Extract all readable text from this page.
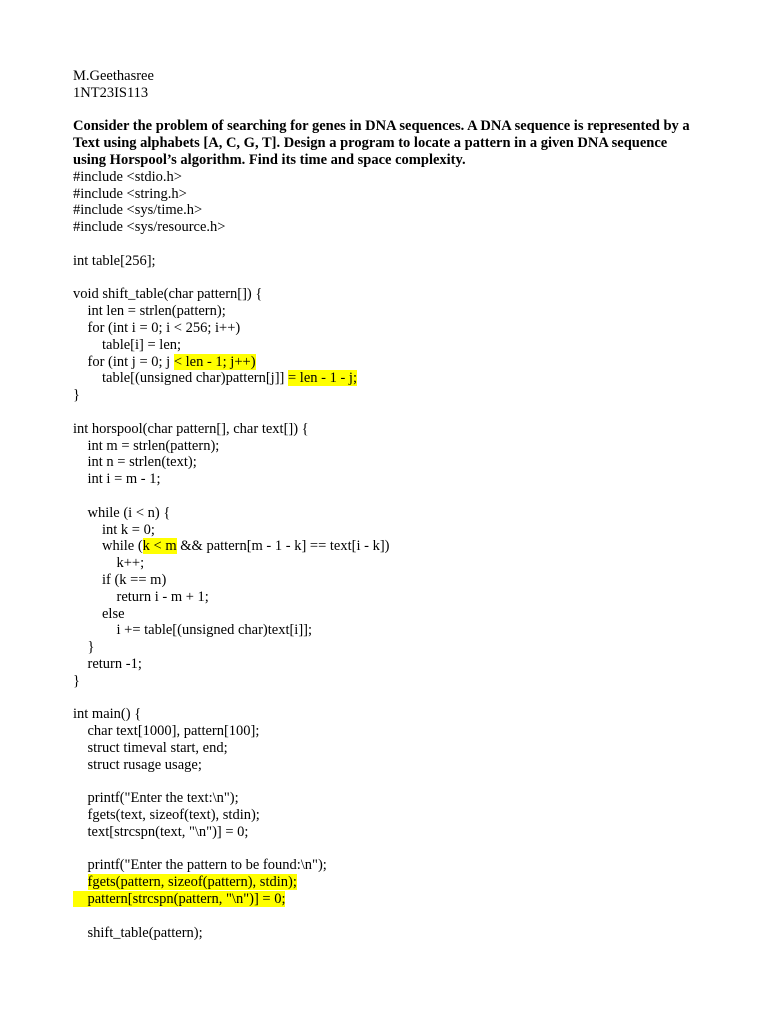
M.Geethasree
1NT23IS113
Consider the problem of searching for genes in DNA sequences. A DNA sequence is represented by a Text using alphabets [A, C, G, T]. Design a program to locate a pattern in a given DNA sequence using Horspool’s algorithm. Find its time and space complexity.
#include <stdio.h>
#include <string.h>
#include <sys/time.h>
#include <sys/resource.h>
int table[256];
void shift_table(char pattern[]) {
int len = strlen(pattern);
for (int i = 0; i < 256; i++)
table[i] = len;
for (int j = 0; j < len - 1; j++)
table[(unsigned char)pattern[j]] = len - 1 - j;
}
int horspool(char pattern[], char text[]) {
int m = strlen(pattern);
int n = strlen(text);
int i = m - 1;
while (i < n) {
int k = 0;
while (k < m && pattern[m - 1 - k] == text[i - k])
k++;
if (k == m)
return i - m + 1;
else
i += table[(unsigned char)text[i]];
}
return -1;
}
int main() {
char text[1000], pattern[100];
struct timeval start, end;
struct rusage usage;
printf("Enter the text:\n");
fgets(text, sizeof(text), stdin);
text[strcspn(text, "\n")] = 0;
printf("Enter the pattern to be found:\n");
fgets(pattern, sizeof(pattern), stdin);
pattern[strcspn(pattern, "\n")] = 0;
shift_table(pattern);
